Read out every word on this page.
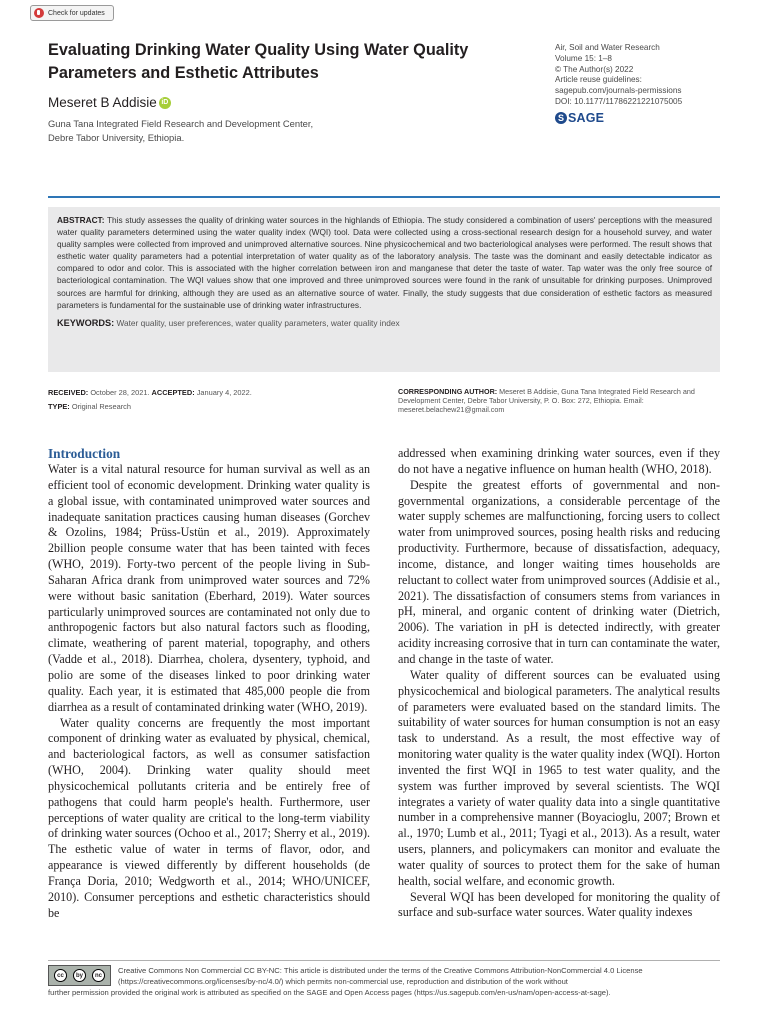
Check for updates
Evaluating Drinking Water Quality Using Water Quality Parameters and Esthetic Attributes
Meseret B Addisie iD
Guna Tana Integrated Field Research and Development Center,
Debre Tabor University, Ethiopia.
Air, Soil and Water Research
Volume 15: 1–8
© The Author(s) 2022
Article reuse guidelines:
sagepub.com/journals-permissions
DOI: 10.1177/11786221221075005
S SAGE
ABSTRACT: This study assesses the quality of drinking water sources in the highlands of Ethiopia. The study considered a combination of users' perceptions with the measured water quality parameters determined using the water quality index (WQI) tool. Data were collected using a cross-sectional research design for a household survey, and water quality samples were collected from improved and unimproved alternative sources. Nine physicochemical and two bacteriological analyses were performed. The result shows that esthetic water quality parameters had a potential interpretation of water quality as of the laboratory analysis. The taste was the dominant and easily detectable indicator as compared to odor and color. This is associated with the higher correlation between iron and manganese that deter the taste of water. Tap water was the only free source of bacteriological contamination. The WQI values show that one improved and three unimproved sources were found in the rank of unsuitable for drinking purposes. Unimproved sources are harmful for drinking, although they are used as an alternative source of water. Finally, the study suggests that due consideration of esthetic factors as measured parameters is fundamental for the sustainable use of drinking water infrastructures.
KEYWORDS: Water quality, user preferences, water quality parameters, water quality index
RECEIVED: October 28, 2021. ACCEPTED: January 4, 2022.
TYPE: Original Research
CORRESPONDING AUTHOR: Meseret B Addisie, Guna Tana Integrated Field Research and Development Center, Debre Tabor University, P. O. Box: 272, Ethiopia. Email: meseret.belachew21@gmail.com
Introduction

Water is a vital natural resource for human survival as well as an efficient tool of economic development. Drinking water quality is a global issue, with contaminated unimproved water sources and inadequate sanitation practices causing human diseases (Gorchev & Ozolins, 1984; Prüss-Ustün et al., 2019). Approximately 2billion people consume water that has been tainted with feces (WHO, 2019). Forty-two percent of the people living in Sub-Saharan Africa drank from unimproved water sources and 72% were without basic sanitation (Eberhard, 2019). Water sources particularly unimproved sources are contaminated not only due to anthropogenic factors but also natural factors such as flooding, climate, weathering of parent material, topography, and others (Vadde et al., 2018). Diarrhea, cholera, dysentery, typhoid, and polio are some of the diseases linked to poor drinking water quality. Each year, it is estimated that 485,000 people die from diarrhea as a result of contaminated drinking water (WHO, 2019).

Water quality concerns are frequently the most important component of drinking water as evaluated by physical, chemical, and bacteriological factors, as well as consumer satisfaction (WHO, 2004). Drinking water quality should meet physicochemical pollutants criteria and be entirely free of pathogens that could harm people's health. Furthermore, user perceptions of water quality are critical to the long-term viability of drinking water sources (Ochoo et al., 2017; Sherry et al., 2019). The esthetic value of water in terms of flavor, odor, and appearance is viewed differently by different households (de França Doria, 2010; Wedgworth et al., 2014; WHO/UNICEF, 2010). Consumer perceptions and esthetic characteristics should be

addressed when examining drinking water sources, even if they do not have a negative influence on human health (WHO, 2018).

Despite the greatest efforts of governmental and non-governmental organizations, a considerable percentage of the water supply schemes are malfunctioning, forcing users to collect water from unimproved sources, posing health risks and reducing productivity. Furthermore, because of dissatisfaction, adequacy, income, distance, and longer waiting times households are reluctant to collect water from unimproved sources (Addisie et al., 2021). The dissatisfaction of consumers stems from variances in pH, mineral, and organic content of drinking water (Dietrich, 2006). The variation in pH is detected indirectly, with greater acidity increasing corrosive that in turn can contaminate the water, and change in the taste of water.

Water quality of different sources can be evaluated using physicochemical and biological parameters. The analytical results of parameters were evaluated based on the standard limits. The suitability of water sources for human consumption is not an easy task to understand. As a result, the most effective way of monitoring water quality is the water quality index (WQI). Horton invented the first WQI in 1965 to test water quality, and the system was further improved by several scientists. The WQI integrates a variety of water quality data into a single quantitative number in a comprehensive manner (Boyacioglu, 2007; Brown et al., 1970; Lumb et al., 2011; Tyagi et al., 2013). As a result, water users, planners, and policymakers can monitor and evaluate the water quality of sources to protect them for the sake of human health, social welfare, and economic growth.

Several WQI has been developed for monitoring the quality of surface and sub-surface water sources. Water quality indexes

cc	by	nc
Creative Commons Non Commercial CC BY-NC: This article is distributed under the terms of the Creative Commons Attribution-NonCommercial 4.0 License (https://creativecommons.org/licenses/by-nc/4.0/) which permits non-commercial use, reproduction and distribution of the work without
further permission provided the original work is attributed as specified on the SAGE and Open Access pages (https://us.sagepub.com/en-us/nam/open-access-at-sage).
